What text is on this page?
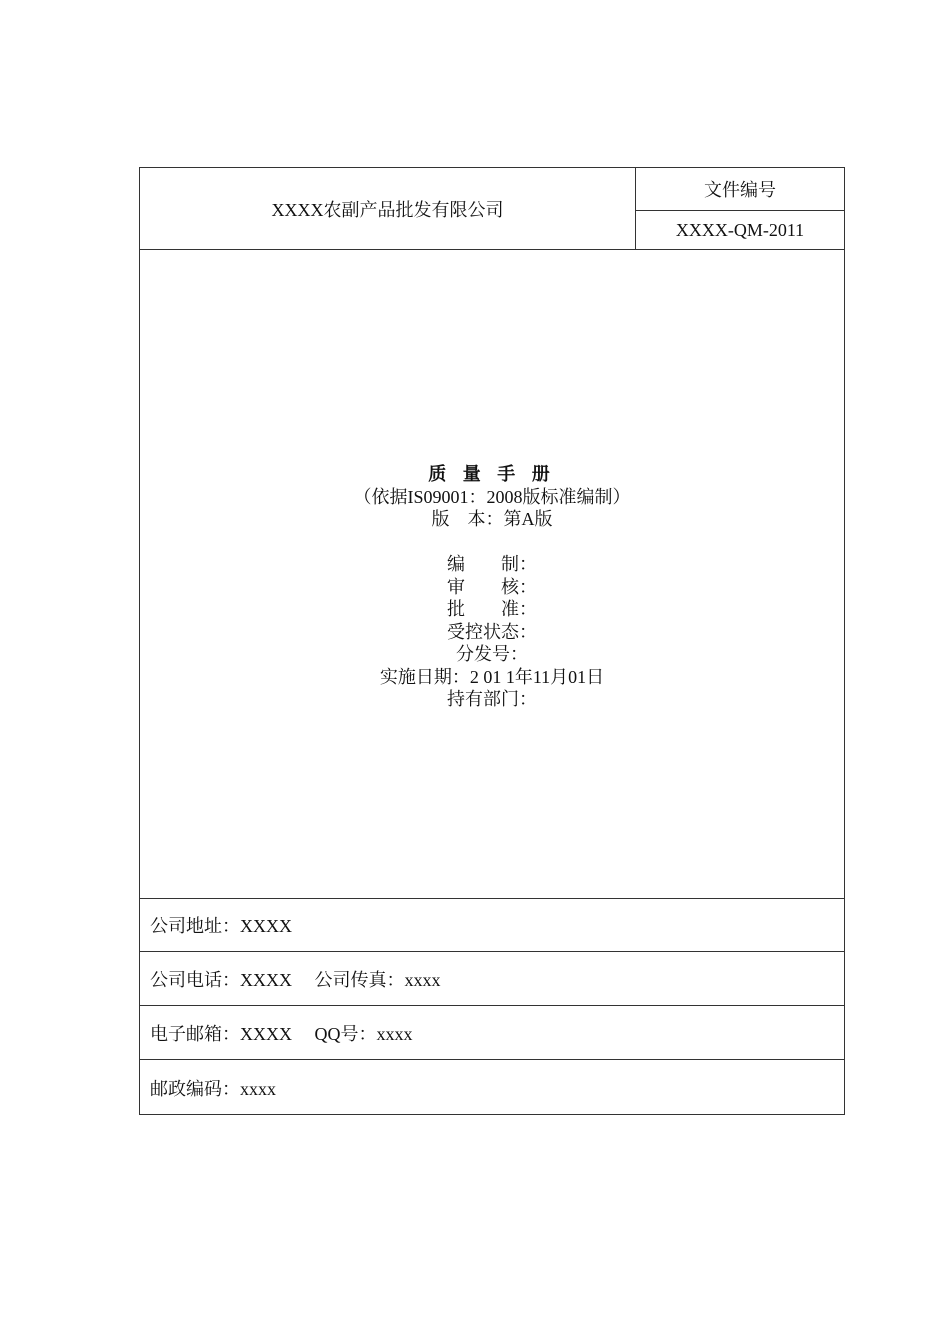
XXXX农副产品批发有限公司
文件编号
XXXX-QM-2011
质 量 手 册
（依据IS09001：2008版标准编制）
版　本：第A版
编　　制：
审　　核：
批　　准：
受控状态：
分发号：
实施日期：2 01 1年11月01日
持有部门：
公司地址：XXXX
公司电话：XXXX　 公司传真：xxxx
电子邮箱：XXXX　 QQ号：xxxx
邮政编码：xxxx
